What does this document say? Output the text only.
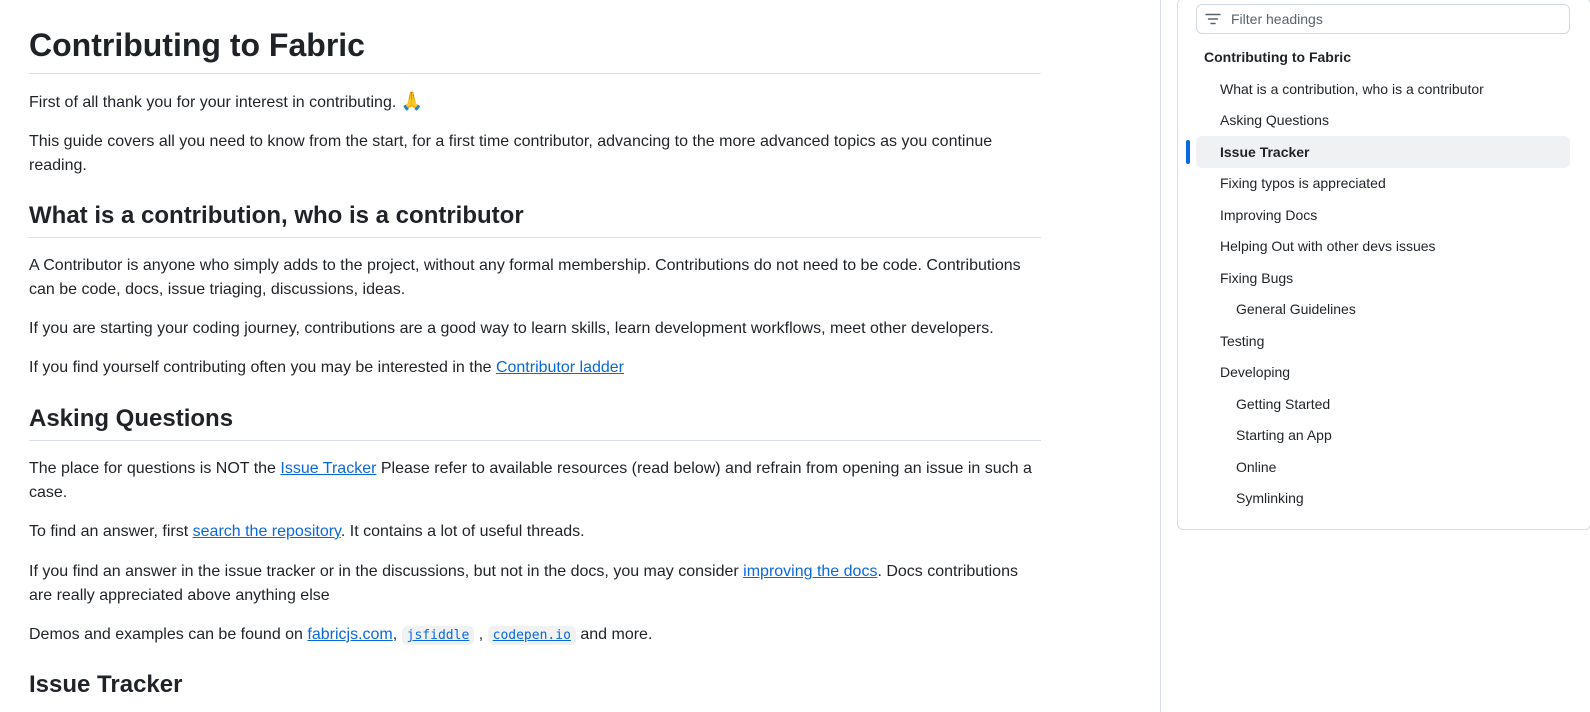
Contributing to Fabric

First of all thank you for your interest in contributing. 🙏

This guide covers all you need to know from the start, for a first time contributor, advancing to the more advanced topics as you continue reading.

What is a contribution, who is a contributor

A Contributor is anyone who simply adds to the project, without any formal membership. Contributions do not need to be code. Contributions can be code, docs, issue triaging, discussions, ideas.

If you are starting your coding journey, contributions are a good way to learn skills, learn development workflows, meet other developers.

If you find yourself contributing often you may be interested in the Contributor ladder

Asking Questions

The place for questions is NOT the Issue Tracker Please refer to available resources (read below) and refrain from opening an issue in such a case.

To find an answer, first search the repository. It contains a lot of useful threads.

If you find an answer in the issue tracker or in the discussions, but not in the docs, you may consider improving the docs. Docs contributions are really appreciated above anything else

Demos and examples can be found on fabricjs.com, jsfiddle , codepen.io and more.

Issue Tracker
Filter headings
Contributing to Fabric
What is a contribution, who is a contributor
Asking Questions
Issue Tracker
Fixing typos is appreciated
Improving Docs
Helping Out with other devs issues
Fixing Bugs
General Guidelines
Testing
Developing
Getting Started
Starting an App
Online
Symlinking
